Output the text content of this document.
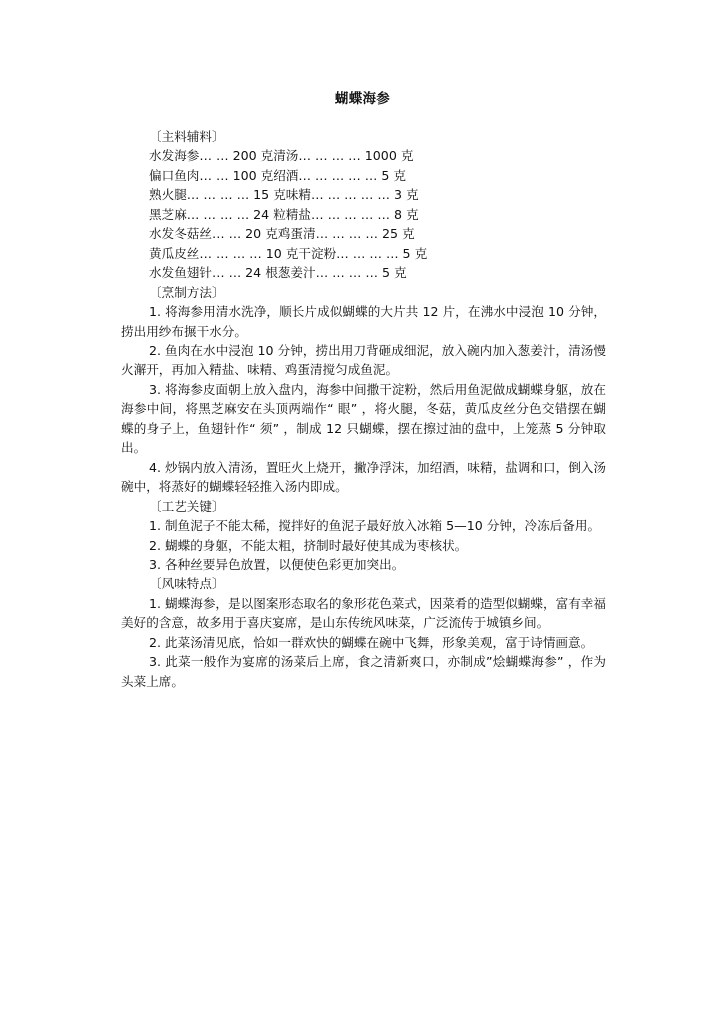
蝴蝶海参
〔主料辅料〕
水发海参… … 200 克清汤… … … … 1000 克
偏口鱼肉… … 100 克绍酒… … … … … 5 克
熟火腿… … … … 15 克味精… … … … … 3 克
黑芝麻… … … … 24 粒精盐… … … … … 8 克
水发冬菇丝… … 20 克鸡蛋清… … … … 25 克
黄瓜皮丝… … … … 10 克干淀粉… … … … 5 克
水发鱼翅针… … 24 根葱姜汁… … … … 5 克
〔烹制方法〕
1. 将海参用清水洗净，顺长片成似蝴蝶的大片共 12 片，在沸水中浸泡 10 分钟，捞出用纱布搌干水分。
2. 鱼肉在水中浸泡 10 分钟，捞出用刀背砸成细泥，放入碗内加入葱姜汁，清汤慢火澥开，再加入精盐、味精、鸡蛋清搅匀成鱼泥。
3. 将海参皮面朝上放入盘内，海参中间撒干淀粉，然后用鱼泥做成蝴蝶身躯，放在海参中间，将黑芝麻安在头顶两端作“ 眼” ，将火腿，冬菇，黄瓜皮丝分色交错摆在蝴蝶的身子上，鱼翅针作“ 须” ，制成 12 只蝴蝶，摆在擦过油的盘中，上笼蒸 5 分钟取出。
4. 炒锅内放入清汤，置旺火上烧开，撇净浮沫，加绍酒，味精，盐调和口，倒入汤碗中，将蒸好的蝴蝶轻轻推入汤内即成。
〔工艺关键〕
1. 制鱼泥子不能太稀，搅拌好的鱼泥子最好放入冰箱 5—10 分钟，冷冻后备用。
2. 蝴蝶的身躯，不能太粗，挤制时最好使其成为枣核状。
3. 各种丝要异色放置，以便使色彩更加突出。
〔风味特点〕
1. 蝴蝶海参，是以图案形态取名的象形花色菜式，因菜肴的造型似蝴蝶，富有幸福美好的含意，故多用于喜庆宴席，是山东传统风味菜，广泛流传于城镇乡间。
2. 此菜汤清见底，恰如一群欢快的蝴蝶在碗中飞舞，形象美观，富于诗情画意。
3. 此菜一般作为宴席的汤菜后上席，食之清新爽口，亦制成”烩蝴蝶海参” ，作为头菜上席。
